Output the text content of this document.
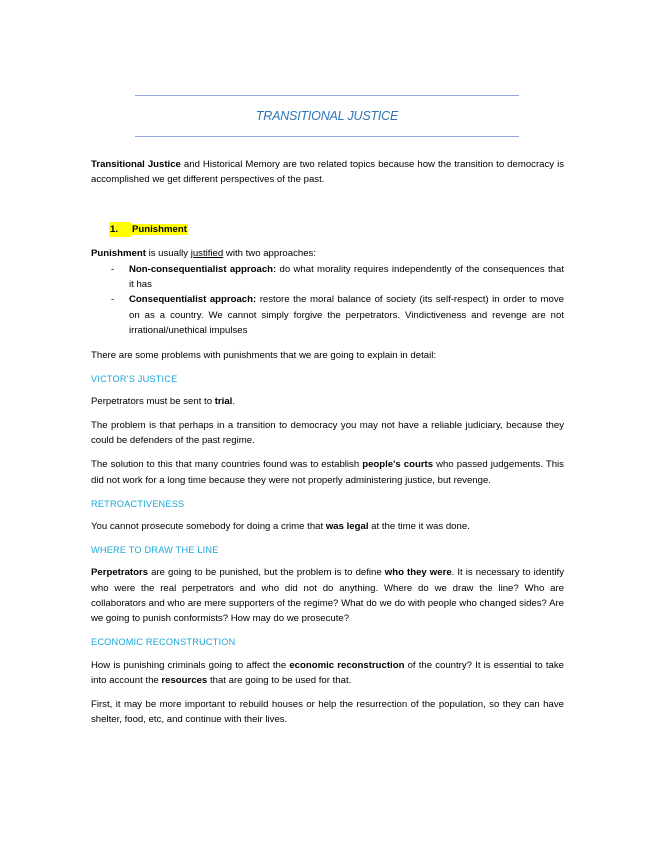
TRANSITIONAL JUSTICE

Transitional Justice and Historical Memory are two related topics because how the transition to democracy is accomplished we get different perspectives of the past.

1. Punishment

Punishment is usually justified with two approaches:

- Non-consequentialist approach: do what morality requires independently of the consequences that it has
- Consequentialist approach: restore the moral balance of society (its self-respect) in order to move on as a country. We cannot simply forgive the perpetrators. Vindictiveness and revenge are not irrational/unethical impulses

There are some problems with punishments that we are going to explain in detail:

VICTOR'S JUSTICE

Perpetrators must be sent to trial.

The problem is that perhaps in a transition to democracy you may not have a reliable judiciary, because they could be defenders of the past regime.

The solution to this that many countries found was to establish people's courts who passed judgements. This did not work for a long time because they were not properly administering justice, but revenge.

RETROACTIVENESS

You cannot prosecute somebody for doing a crime that was legal at the time it was done.

WHERE TO DRAW THE LINE

Perpetrators are going to be punished, but the problem is to define who they were. It is necessary to identify who were the real perpetrators and who did not do anything. Where do we draw the line? Who are collaborators and who are mere supporters of the regime? What do we do with people who changed sides? Are we going to punish conformists? How may do we prosecute?

ECONOMIC RECONSTRUCTION

How is punishing criminals going to affect the economic reconstruction of the country? It is essential to take into account the resources that are going to be used for that.

First, it may be more important to rebuild houses or help the resurrection of the population, so they can have shelter, food, etc, and continue with their lives.
